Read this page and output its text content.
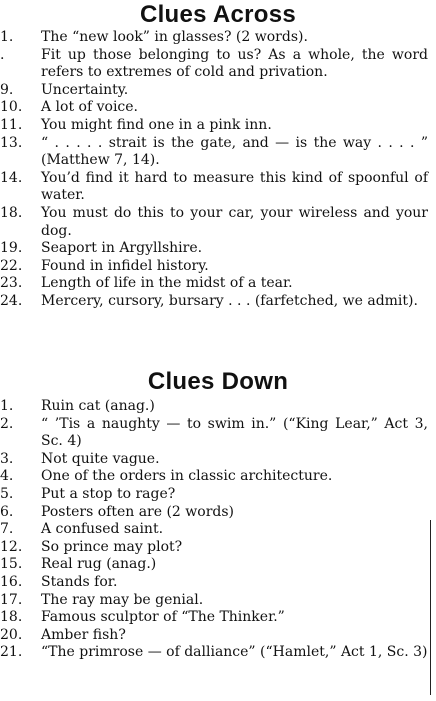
Clues Across
1.	The “new look” in glasses? (2 words).
.	Fit up those belonging to us? As a whole, the word refers to extremes of cold and privation.
9.	Uncertainty.
10.	A lot of voice.
11.	You might find one in a pink inn.
13.	“ . . . . . strait is the gate, and — is the way . . . . ” (Matthew 7, 14).
14.	You’d find it hard to measure this kind of spoonful of water.
18.	You must do this to your car, your wireless and your dog.
19.	Seaport in Argyllshire.
22.	Found in infidel history.
23.	Length of life in the midst of a tear.
24.	Mercery, cursory, bursary . . . (farfetched, we admit).
Clues Down
1.	Ruin cat (anag.)
2.	“ ’Tis a naughty — to swim in.” (“King Lear,” Act 3, Sc. 4)
3.	Not quite vague.
4.	One of the orders in classic architecture.
5.	Put a stop to rage?
6.	Posters often are (2 words)
7.	A confused saint.
12.	So prince may plot?
15.	Real rug (anag.)
16.	Stands for.
17.	The ray may be genial.
18.	Famous sculptor of “The Thinker.”
20.	Amber fish?
21.	“The primrose — of dalliance” (“Hamlet,” Act 1, Sc. 3)
